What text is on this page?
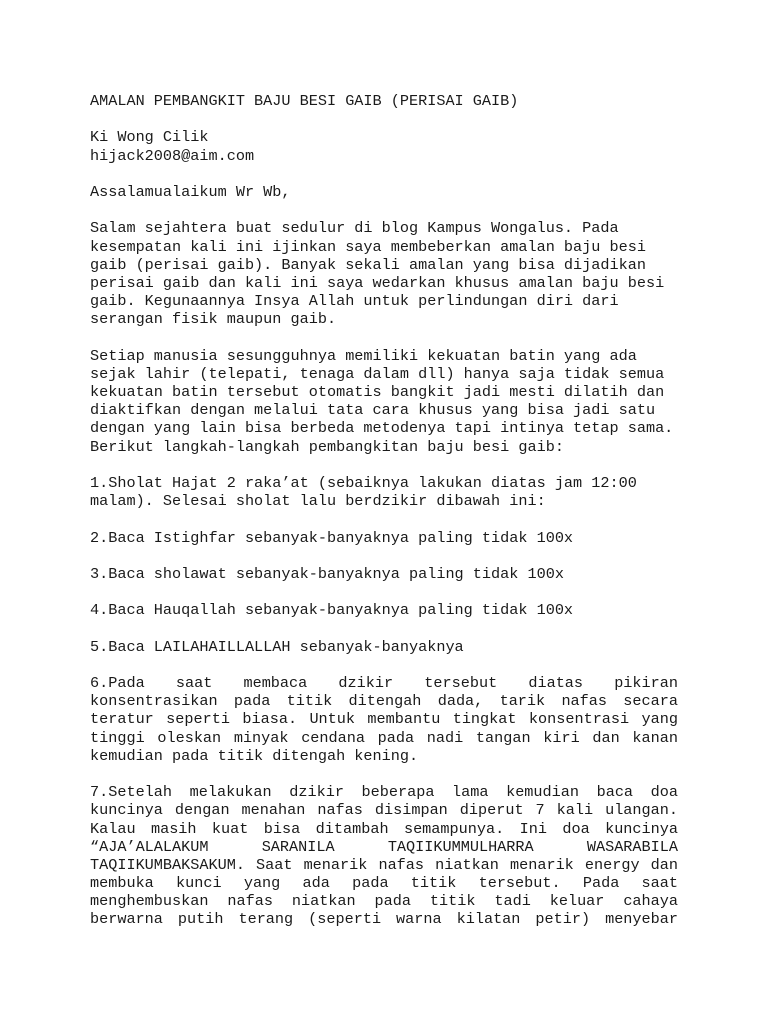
AMALAN PEMBANGKIT BAJU BESI GAIB (PERISAI GAIB)
Ki Wong Cilik
hijack2008@aim.com
Assalamualaikum Wr Wb,
Salam sejahtera buat sedulur di blog Kampus Wongalus. Pada
kesempatan kali ini ijinkan saya membeberkan amalan baju besi
gaib (perisai gaib). Banyak sekali amalan yang bisa dijadikan
perisai gaib dan kali ini saya wedarkan khusus amalan baju besi
gaib. Kegunaannya Insya Allah untuk perlindungan diri dari
serangan fisik maupun gaib.
Setiap manusia sesungguhnya memiliki kekuatan batin yang ada
sejak lahir (telepati, tenaga dalam dll) hanya saja tidak semua
kekuatan batin tersebut otomatis bangkit jadi mesti dilatih dan
diaktifkan dengan melalui tata cara khusus yang bisa jadi satu
dengan yang lain bisa berbeda metodenya tapi intinya tetap sama.
Berikut langkah-langkah pembangkitan baju besi gaib:
1.Sholat Hajat 2 raka’at (sebaiknya lakukan diatas jam 12:00
malam). Selesai sholat lalu berdzikir dibawah ini:
2.Baca Istighfar sebanyak-banyaknya paling tidak 100x
3.Baca sholawat sebanyak-banyaknya paling tidak 100x
4.Baca Hauqallah sebanyak-banyaknya paling tidak 100x
5.Baca LAILAHAILLALLAH sebanyak-banyaknya
6.Pada saat membaca dzikir tersebut diatas pikiran
konsentrasikan pada titik ditengah dada, tarik nafas secara
teratur seperti biasa. Untuk membantu tingkat konsentrasi yang
tinggi oleskan minyak cendana pada nadi tangan kiri dan kanan
kemudian pada titik ditengah kening.
7.Setelah melakukan dzikir beberapa lama kemudian baca doa
kuncinya dengan menahan nafas disimpan diperut 7 kali ulangan.
Kalau masih kuat bisa ditambah semampunya. Ini doa kuncinya
“AJA’ALALAKUM SARANILA TAQIIKUMMULHARRA WASARABILA
TAQIIKUMBAKSAKUM. Saat menarik nafas niatkan menarik energy dan
membuka kunci yang ada pada titik tersebut. Pada saat
menghembuskan nafas niatkan pada titik tadi keluar cahaya
berwarna putih terang (seperti warna kilatan petir) menyebar
